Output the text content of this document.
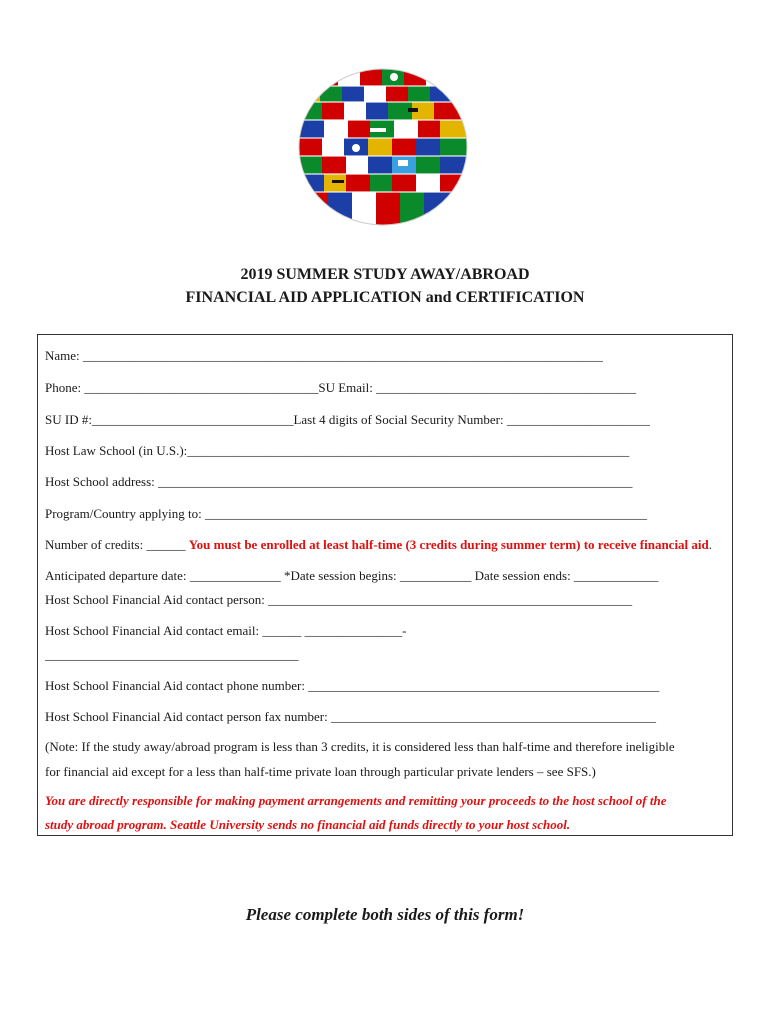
2019 SUMMER STUDY AWAY/ABROAD
FINANCIAL AID APPLICATION and CERTIFICATION
Name: ________________________________________________________________________________
Phone: ____________________________________SU Email: ________________________________________
SU ID #:_______________________________Last 4 digits of Social Security Number: ______________________
Host Law School (in U.S.):____________________________________________________________________
Host School address: _________________________________________________________________________
Program/Country applying to: ____________________________________________________________________
Number of credits: ______ You must be enrolled at least half-time (3 credits during summer term) to receive financial aid.
Anticipated departure date: ______________ *Date session begins: ___________ Date session ends: _____________
Host School Financial Aid contact person: ________________________________________________________
Host School Financial Aid contact email: ______ _______________-
_______________________________________
Host School Financial Aid contact phone number: ______________________________________________________
Host School Financial Aid contact person fax number: __________________________________________________
(Note: If the study away/abroad program is less than 3 credits, it is considered less than half-time and therefore ineligible
for financial aid except for a less than half-time private loan through particular private lenders – see SFS.)
You are directly responsible for making payment arrangements and remitting your proceeds to the host school of the
study abroad program. Seattle University sends no financial aid funds directly to your host school.
Please complete both sides of this form!
